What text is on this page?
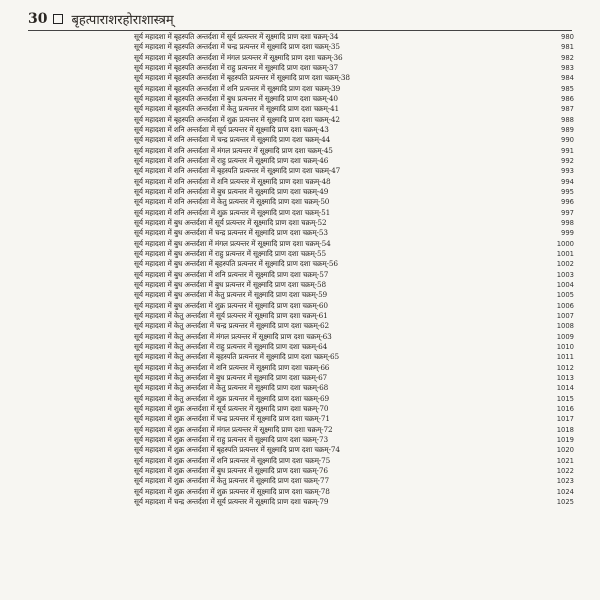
30 बृहत्पाराशरहोराशास्त्रम्
सूर्य महादशा में बृहस्पति अन्तर्दशा में सूर्य प्रत्यन्तर में सूक्ष्मादि प्राण दशा चक्रम्-34	980
सूर्य महादशा में बृहस्पति अन्तर्दशा में चन्द्र प्रत्यन्तर में सूक्ष्मादि प्राण दशा चक्रम्-35	981
सूर्य महादशा में बृहस्पति अन्तर्दशा में मंगल प्रत्यन्तर में सूक्ष्मादि प्राण दशा चक्रम्-36	982
सूर्य महादशा में बृहस्पति अन्तर्दशा में राहु प्रत्यन्तर में सूक्ष्मादि प्राण दशा चक्रम्-37	983
सूर्य महादशा में बृहस्पति अन्तर्दशा में बृहस्पति प्रत्यन्तर में सूक्ष्मादि प्राण दशा चक्रम्-38	984
सूर्य महादशा में बृहस्पति अन्तर्दशा में शनि प्रत्यन्तर में सूक्ष्मादि प्राण दशा चक्रम्-39	985
सूर्य महादशा में बृहस्पति अन्तर्दशा में बुध प्रत्यन्तर में सूक्ष्मादि प्राण दशा चक्रम्-40	986
सूर्य महादशा में बृहस्पति अन्तर्दशा में केतु प्रत्यन्तर में सूक्ष्मादि प्राण दशा चक्रम्-41	987
सूर्य महादशा में बृहस्पति अन्तर्दशा में शुक्र प्रत्यन्तर में सूक्ष्मादि प्राण दशा चक्रम्-42	988
सूर्य महादशा में शनि अन्तर्दशा में सूर्य प्रत्यन्तर में सूक्ष्मादि प्राण दशा चक्रम्-43	989
सूर्य महादशा में शनि अन्तर्दशा में चन्द्र प्रत्यन्तर में सूक्ष्मादि प्राण दशा चक्रम्-44	990
सूर्य महादशा में शनि अन्तर्दशा में मंगल प्रत्यन्तर में सूक्ष्मादि प्राण दशा चक्रम्-45	991
सूर्य महादशा में शनि अन्तर्दशा में राहु प्रत्यन्तर में सूक्ष्मादि प्राण दशा चक्रम्-46	992
सूर्य महादशा में शनि अन्तर्दशा में बृहस्पति प्रत्यन्तर में सूक्ष्मादि प्राण दशा चक्रम्-47	993
सूर्य महादशा में शनि अन्तर्दशा में शनि प्रत्यन्तर में सूक्ष्मादि प्राण दशा चक्रम्-48	994
सूर्य महादशा में शनि अन्तर्दशा में बुध प्रत्यन्तर में सूक्ष्मादि प्राण दशा चक्रम्-49	995
सूर्य महादशा में शनि अन्तर्दशा में केतु प्रत्यन्तर में सूक्ष्मादि प्राण दशा चक्रम्-50	996
सूर्य महादशा में शनि अन्तर्दशा में शुक्र प्रत्यन्तर में सूक्ष्मादि प्राण दशा चक्रम्-51	997
सूर्य महादशा में बुध अन्तर्दशा में सूर्य प्रत्यन्तर में सूक्ष्मादि प्राण दशा चक्रम्-52	998
सूर्य महादशा में बुध अन्तर्दशा में चन्द्र प्रत्यन्तर में सूक्ष्मादि प्राण दशा चक्रम्-53	999
सूर्य महादशा में बुध अन्तर्दशा में मंगल प्रत्यन्तर में सूक्ष्मादि प्राण दशा चक्रम्-54	1000
सूर्य महादशा में बुध अन्तर्दशा में राहु प्रत्यन्तर में सूक्ष्मादि प्राण दशा चक्रम्-55	1001
सूर्य महादशा में बुध अन्तर्दशा में बृहस्पति प्रत्यन्तर में सूक्ष्मादि प्राण दशा चक्रम्-56	1002
सूर्य महादशा में बुध अन्तर्दशा में शनि प्रत्यन्तर में सूक्ष्मादि प्राण दशा चक्रम्-57	1003
सूर्य महादशा में बुध अन्तर्दशा में बुध प्रत्यन्तर में सूक्ष्मादि प्राण दशा चक्रम्-58	1004
सूर्य महादशा में बुध अन्तर्दशा में केतु प्रत्यन्तर में सूक्ष्मादि प्राण दशा चक्रम्-59	1005
सूर्य महादशा में बुध अन्तर्दशा में शुक्र प्रत्यन्तर में सूक्ष्मादि प्राण दशा चक्रम्-60	1006
सूर्य महादशा में केतु अन्तर्दशा में सूर्य प्रत्यन्तर में सूक्ष्मादि प्राण दशा चक्रम्-61	1007
सूर्य महादशा में केतु अन्तर्दशा में चन्द्र प्रत्यन्तर में सूक्ष्मादि प्राण दशा चक्रम्-62	1008
सूर्य महादशा में केतु अन्तर्दशा में मंगल प्रत्यन्तर में सूक्ष्मादि प्राण दशा चक्रम्-63	1009
सूर्य महादशा में केतु अन्तर्दशा में राहु प्रत्यन्तर में सूक्ष्मादि प्राण दशा चक्रम्-64	1010
सूर्य महादशा में केतु अन्तर्दशा में बृहस्पति प्रत्यन्तर में सूक्ष्मादि प्राण दशा चक्रम्-65	1011
सूर्य महादशा में केतु अन्तर्दशा में शनि प्रत्यन्तर में सूक्ष्मादि प्राण दशा चक्रम्-66	1012
सूर्य महादशा में केतु अन्तर्दशा में बुध प्रत्यन्तर में सूक्ष्मादि प्राण दशा चक्रम्-67	1013
सूर्य महादशा में केतु अन्तर्दशा में केतु प्रत्यन्तर में सूक्ष्मादि प्राण दशा चक्रम्-68	1014
सूर्य महादशा में केतु अन्तर्दशा में शुक्र प्रत्यन्तर में सूक्ष्मादि प्राण दशा चक्रम्-69	1015
सूर्य महादशा में शुक्र अन्तर्दशा में सूर्य प्रत्यन्तर में सूक्ष्मादि प्राण दशा चक्रम्-70	1016
सूर्य महादशा में शुक्र अन्तर्दशा में चन्द्र प्रत्यन्तर में सूक्ष्मादि प्राण दशा चक्रम्-71	1017
सूर्य महादशा में शुक्र अन्तर्दशा में मंगल प्रत्यन्तर में सूक्ष्मादि प्राण दशा चक्रम्-72	1018
सूर्य महादशा में शुक्र अन्तर्दशा में राहु प्रत्यन्तर में सूक्ष्मादि प्राण दशा चक्रम्-73	1019
सूर्य महादशा में शुक्र अन्तर्दशा में बृहस्पति प्रत्यन्तर में सूक्ष्मादि प्राण दशा चक्रम्-74	1020
सूर्य महादशा में शुक्र अन्तर्दशा में शनि प्रत्यन्तर में सूक्ष्मादि प्राण दशा चक्रम्-75	1021
सूर्य महादशा में शुक्र अन्तर्दशा में बुध प्रत्यन्तर में सूक्ष्मादि प्राण दशा चक्रम्-76	1022
सूर्य महादशा में शुक्र अन्तर्दशा में केतु प्रत्यन्तर में सूक्ष्मादि प्राण दशा चक्रम्-77	1023
सूर्य महादशा में शुक्र अन्तर्दशा में शुक्र प्रत्यन्तर में सूक्ष्मादि प्राण दशा चक्रम्-78	1024
सूर्य महादशा में चन्द्र अन्तर्दशा में सूर्य प्रत्यन्तर में सूक्ष्मादि प्राण दशा चक्रम्-79	1025
